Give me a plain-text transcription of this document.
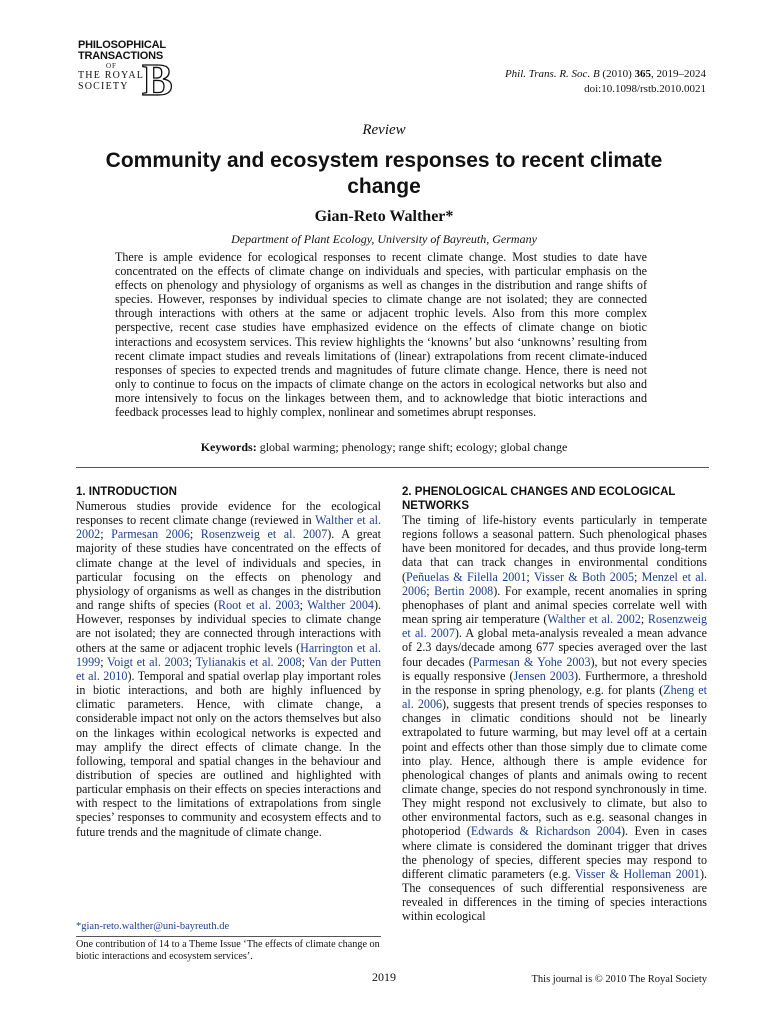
PHILOSOPHICAL
TRANSACTIONS
OF
THE ROYAL
SOCIETY B	Phil. Trans. R. Soc. B (2010) 365, 2019–2024
doi:10.1098/rstb.2010.0021
Review
Community and ecosystem responses to recent climate change
Gian-Reto Walther*
Department of Plant Ecology, University of Bayreuth, Germany
There is ample evidence for ecological responses to recent climate change. Most studies to date have concentrated on the effects of climate change on individuals and species, with particular emphasis on the effects on phenology and physiology of organisms as well as changes in the distribution and range shifts of species. However, responses by individual species to climate change are not isolated; they are connected through interactions with others at the same or adjacent trophic levels. Also from this more complex perspective, recent case studies have emphasized evidence on the effects of climate change on biotic interactions and ecosystem services. This review highlights the ‘knowns’ but also ‘unknowns’ resulting from recent climate impact studies and reveals limitations of (linear) extrapolations from recent climate-induced responses of species to expected trends and magnitudes of future climate change. Hence, there is need not only to continue to focus on the impacts of climate change on the actors in ecological networks but also and more intensively to focus on the linkages between them, and to acknowledge that biotic interactions and feedback processes lead to highly complex, nonlinear and sometimes abrupt responses.
Keywords: global warming; phenology; range shift; ecology; global change
1. INTRODUCTION
Numerous studies provide evidence for the ecological responses to recent climate change (reviewed in Walther et al. 2002; Parmesan 2006; Rosenzweig et al. 2007). A great majority of these studies have concentrated on the effects of climate change at the level of individuals and species, in particular focusing on the effects on phenology and physiology of organisms as well as changes in the distribution and range shifts of species (Root et al. 2003; Walther 2004). However, responses by individual species to climate change are not isolated; they are connected through interactions with others at the same or adjacent trophic levels (Harrington et al. 1999; Voigt et al. 2003; Tylianakis et al. 2008; Van der Putten et al. 2010). Temporal and spatial overlap play important roles in biotic interactions, and both are highly influenced by climatic parameters. Hence, with climate change, a considerable impact not only on the actors themselves but also on the linkages within ecological networks is expected and may amplify the direct effects of climate change. In the following, temporal and spatial changes in the behaviour and distribution of species are outlined and highlighted with particular emphasis on their effects on species interactions and with respect to the limitations of extrapolations from single species’ responses to community and ecosystem effects and to future trends and the magnitude of climate change.
2. PHENOLOGICAL CHANGES AND ECOLOGICAL NETWORKS
The timing of life-history events particularly in temperate regions follows a seasonal pattern. Such phenological phases have been monitored for decades, and thus provide long-term data that can track changes in environmental conditions (Peñuelas & Filella 2001; Visser & Both 2005; Menzel et al. 2006; Bertin 2008). For example, recent anomalies in spring phenophases of plant and animal species correlate well with mean spring air temperature (Walther et al. 2002; Rosenzweig et al. 2007). A global meta-analysis revealed a mean advance of 2.3 days/decade among 677 species averaged over the last four decades (Parmesan & Yohe 2003), but not every species is equally responsive (Jensen 2003). Furthermore, a threshold in the response in spring phenology, e.g. for plants (Zheng et al. 2006), suggests that present trends of species responses to changes in climatic conditions should not be linearly extrapolated to future warming, but may level off at a certain point and effects other than those simply due to climate come into play. Hence, although there is ample evidence for phenological changes of plants and animals owing to recent climate change, species do not respond synchronously in time. They might respond not exclusively to climate, but also to other environmental factors, such as e.g. seasonal changes in photoperiod (Edwards & Richardson 2004). Even in cases where climate is considered the dominant trigger that drives the phenology of species, different species may respond to different climatic parameters (e.g. Visser & Holleman 2001). The consequences of such differential responsiveness are revealed in differences in the timing of species interactions within ecological
*gian-reto.walther@uni-bayreuth.de
One contribution of 14 to a Theme Issue ‘The effects of climate change on biotic interactions and ecosystem services’.
2019	This journal is © 2010 The Royal Society
